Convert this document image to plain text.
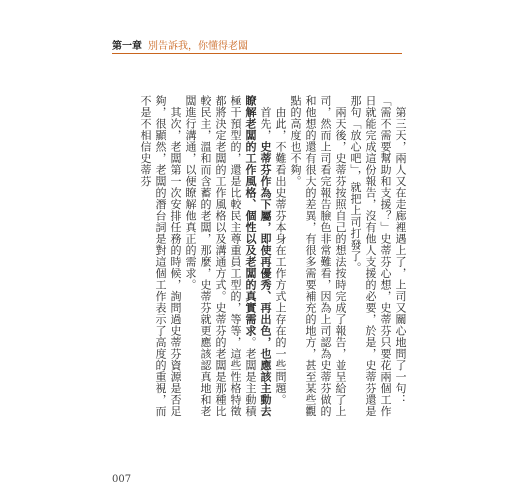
第一章 別告訴我，你懂得老闆

　第三天，兩人又在走廊裡遇上了，上司又關心地問了一句：「需不需要幫助和支援？」史蒂芬心想，史蒂芬只要花兩個工作日就能完成這份報告，沒有他人支援的必要，於是，史蒂芬還是那句「放心吧」，就把上司打發了。

　兩天後，史蒂芬按照自己的想法按時完成了報告，並呈給了上司，然而上司看完報告臉色非常難看，因為上司認為史蒂芬做的和他想的還有很大的差異，有很多需要補充的地方，甚至某些觀點的高度也不夠。

　由此，不難看出史蒂芬本身在工作方式上存在的一些問題。

　首先，史蒂芬作為下屬，即使再優秀、再出色，也應該主動去瞭解老闆的工作風格、個性以及老闆的真實需求。老闆是主動積極干預型的，還是比較民主尊重員工型的，等等，這些性格特徵都將決定老闆的工作風格以及溝通方式。史蒂芬的老闆是那種比較民主，溫和而含蓄的老闆，那麼，史蒂芬就更應該認真地和老闆進行溝通，以便瞭解他真正的需求。

　其次，老闆第一次安排任務的時候，詢問過史蒂芬資源是否足夠，很顯然，老闆的潛台詞是對這個工作表示了高度的重視，而不是不相信史蒂芬

007
